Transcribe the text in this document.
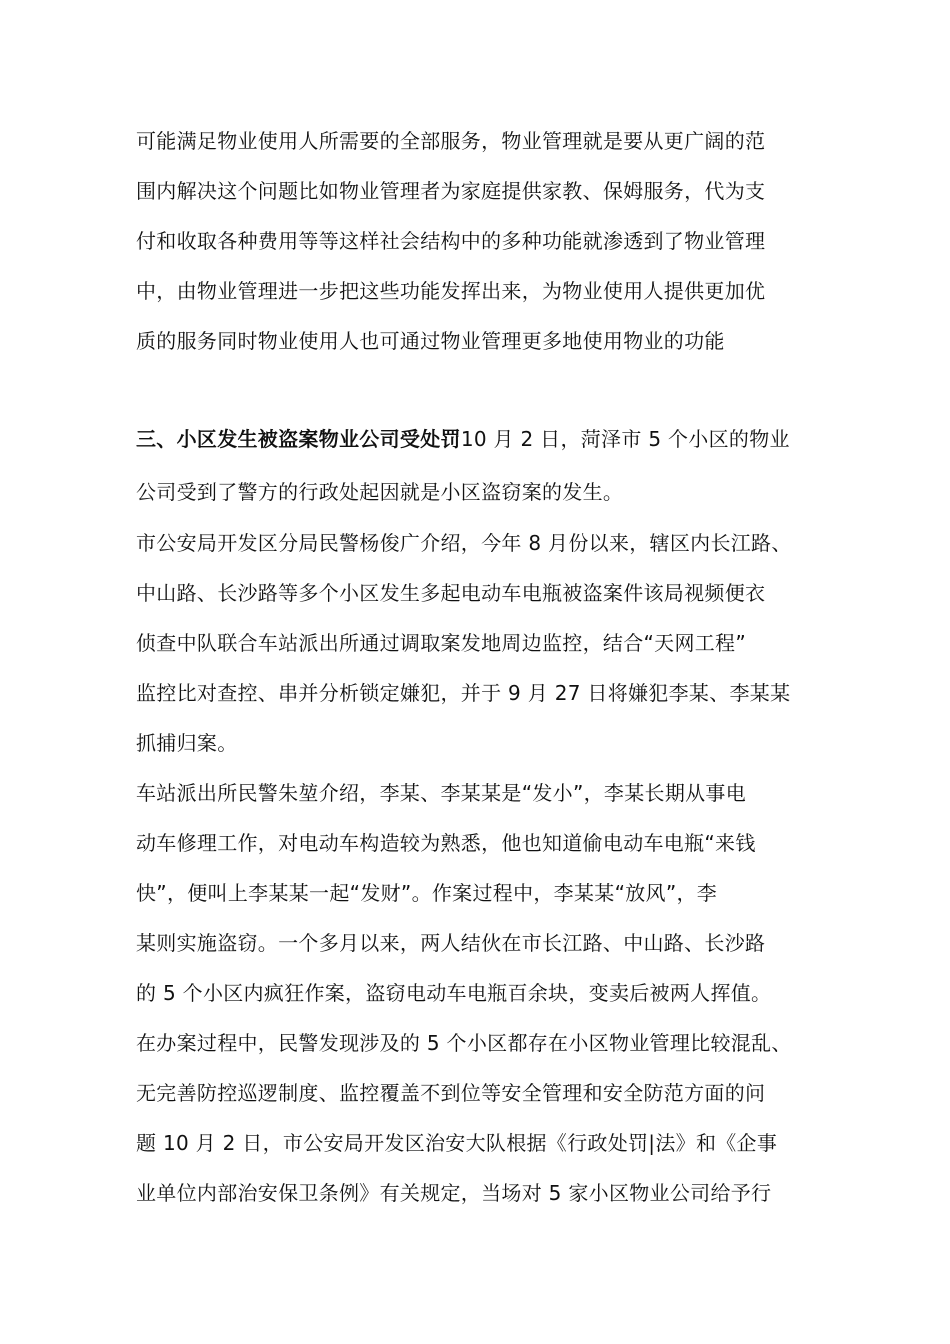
可能满足物业使用人所需要的全部服务，物业管理就是要从更广阔的范
围内解决这个问题比如物业管理者为家庭提供家教、保姆服务，代为支
付和收取各种费用等等这样社会结构中的多种功能就渗透到了物业管理
中，由物业管理进一步把这些功能发挥出来，为物业使用人提供更加优
质的服务同时物业使用人也可通过物业管理更多地使用物业的功能
三、小区发生被盗案物业公司受处罚10 月 2 日，菏泽市 5 个小区的物业
公司受到了警方的行政处起因就是小区盗窃案的发生。
市公安局开发区分局民警杨俊广介绍，今年 8 月份以来，辖区内长江路、
中山路、长沙路等多个小区发生多起电动车电瓶被盗案件该局视频便衣
侦查中队联合车站派出所通过调取案发地周边监控，结合“天网工程”
监控比对查控、串并分析锁定嫌犯，并于 9 月 27 日将嫌犯李某、李某某
抓捕归案。
车站派出所民警朱堃介绍，李某、李某某是“发小”，李某长期从事电
动车修理工作，对电动车构造较为熟悉，他也知道偷电动车电瓶“来钱
快”，便叫上李某某一起“发财”。作案过程中，李某某“放风”，李
某则实施盗窃。一个多月以来，两人结伙在市长江路、中山路、长沙路
的 5 个小区内疯狂作案，盗窃电动车电瓶百余块，变卖后被两人挥值。
在办案过程中，民警发现涉及的 5 个小区都存在小区物业管理比较混乱、
无完善防控巡逻制度、监控覆盖不到位等安全管理和安全防范方面的问
题 10 月 2 日，市公安局开发区治安大队根据《行政处罚|法》和《企事
业单位内部治安保卫条例》有关规定，当场对 5 家小区物业公司给予行
